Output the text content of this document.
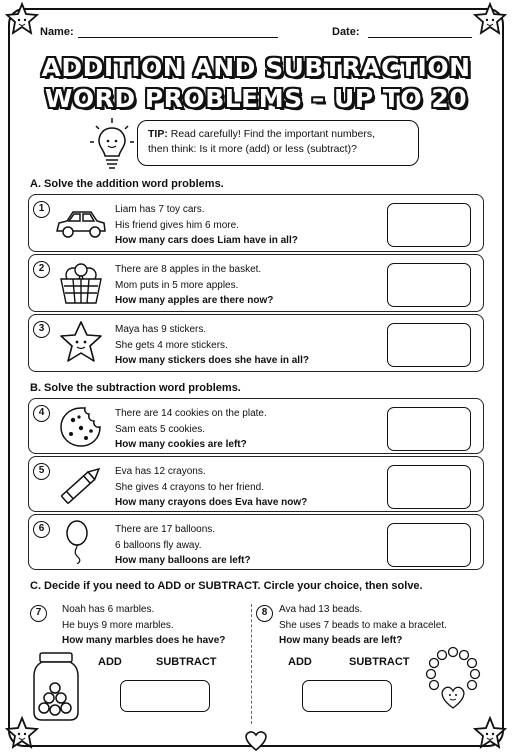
Name:	Date:
ADDITION AND SUBTRACTION
WORD PROBLEMS – UP TO 20
TIP: Read carefully! Find the important numbers,
then think: Is it more (add) or less (subtract)?
A. Solve the addition word problems.
1	Liam has 7 toy cars.
His friend gives him 6 more.
How many cars does Liam have in all?
2	There are 8 apples in the basket.
Mom puts in 5 more apples.
How many apples are there now?
3	Maya has 9 stickers.
She gets 4 more stickers.
How many stickers does she have in all?
B. Solve the subtraction word problems.
4	There are 14 cookies on the plate.
Sam eats 5 cookies.
How many cookies are left?
5	Eva has 12 crayons.
She gives 4 crayons to her friend.
How many crayons does Eva have now?
6	There are 17 balloons.
6 balloons fly away.
How many balloons are left?
C. Decide if you need to ADD or SUBTRACT. Circle your choice, then solve.
7	Noah has 6 marbles.
He buys 9 more marbles.
How many marbles does he have?
ADD	SUBTRACT
8	Ava had 13 beads.
She uses 7 beads to make a bracelet.
How many beads are left?
ADD	SUBTRACT
